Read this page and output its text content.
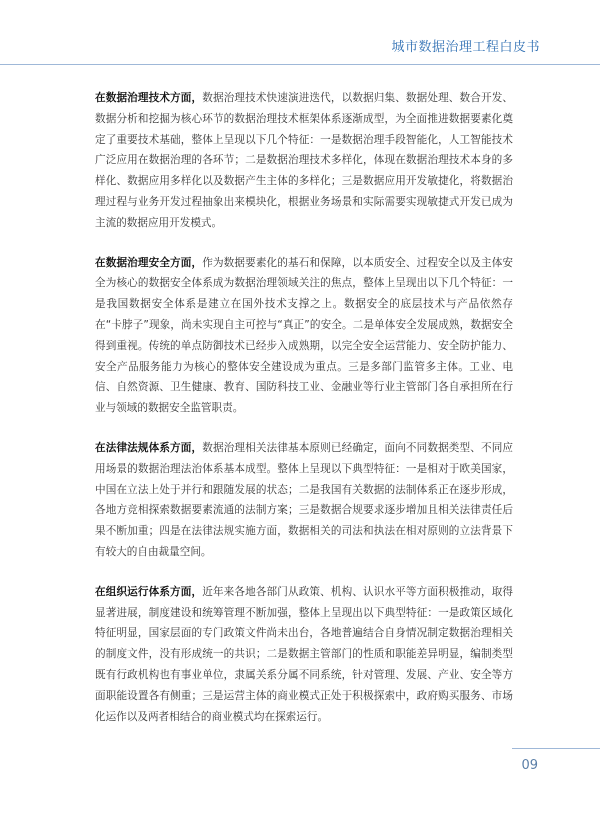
城市数据治理工程白皮书

在数据治理技术方面，数据治理技术快速演进迭代，以数据归集、数据处理、数合开发、数据分析和挖掘为核心环节的数据治理技术框架体系逐渐成型，为全面推进数据要素化奠定了重要技术基础，整体上呈现以下几个特征：一是数据治理手段智能化，人工智能技术广泛应用在数据治理的各环节；二是数据治理技术多样化，体现在数据治理技术本身的多样化、数据应用多样化以及数据产生主体的多样化；三是数据应用开发敏捷化，将数据治理过程与业务开发过程抽象出来模块化，根据业务场景和实际需要实现敏捷式开发已成为主流的数据应用开发模式。

在数据治理安全方面，作为数据要素化的基石和保障，以本质安全、过程安全以及主体安全为核心的数据安全体系成为数据治理领域关注的焦点，整体上呈现出以下几个特征：一是我国数据安全体系是建立在国外技术支撑之上。数据安全的底层技术与产品依然存在“卡脖子”现象，尚未实现自主可控与“真正”的安全。二是单体安全发展成熟，数据安全得到重视。传统的单点防御技术已经步入成熟期，以完全安全运营能力、安全防护能力、安全产品服务能力为核心的整体安全建设成为重点。三是多部门监管多主体。工业、电信、自然资源、卫生健康、教育、国防科技工业、金融业等行业主管部门各自承担所在行业与领域的数据安全监管职责。

在法律法规体系方面，数据治理相关法律基本原则已经确定，面向不同数据类型、不同应用场景的数据治理法治体系基本成型。整体上呈现以下典型特征：一是相对于欧美国家，中国在立法上处于并行和跟随发展的状态；二是我国有关数据的法制体系正在逐步形成，各地方竞相探索数据要素流通的法制方案；三是数据合规要求逐步增加且相关法律责任后果不断加重；四是在法律法规实施方面，数据相关的司法和执法在相对原则的立法背景下有较大的自由裁量空间。

在组织运行体系方面，近年来各地各部门从政策、机构、认识水平等方面积极推动，取得显著进展，制度建设和统筹管理不断加强，整体上呈现出以下典型特征：一是政策区域化特征明显，国家层面的专门政策文件尚未出台，各地普遍结合自身情况制定数据治理相关的制度文件，没有形成统一的共识；二是数据主管部门的性质和职能差异明显，编制类型既有行政机构也有事业单位，隶属关系分属不同系统，针对管理、发展、产业、安全等方面职能设置各有侧重；三是运营主体的商业模式正处于积极探索中，政府购买服务、市场化运作以及两者相结合的商业模式均在探索运行。

09
